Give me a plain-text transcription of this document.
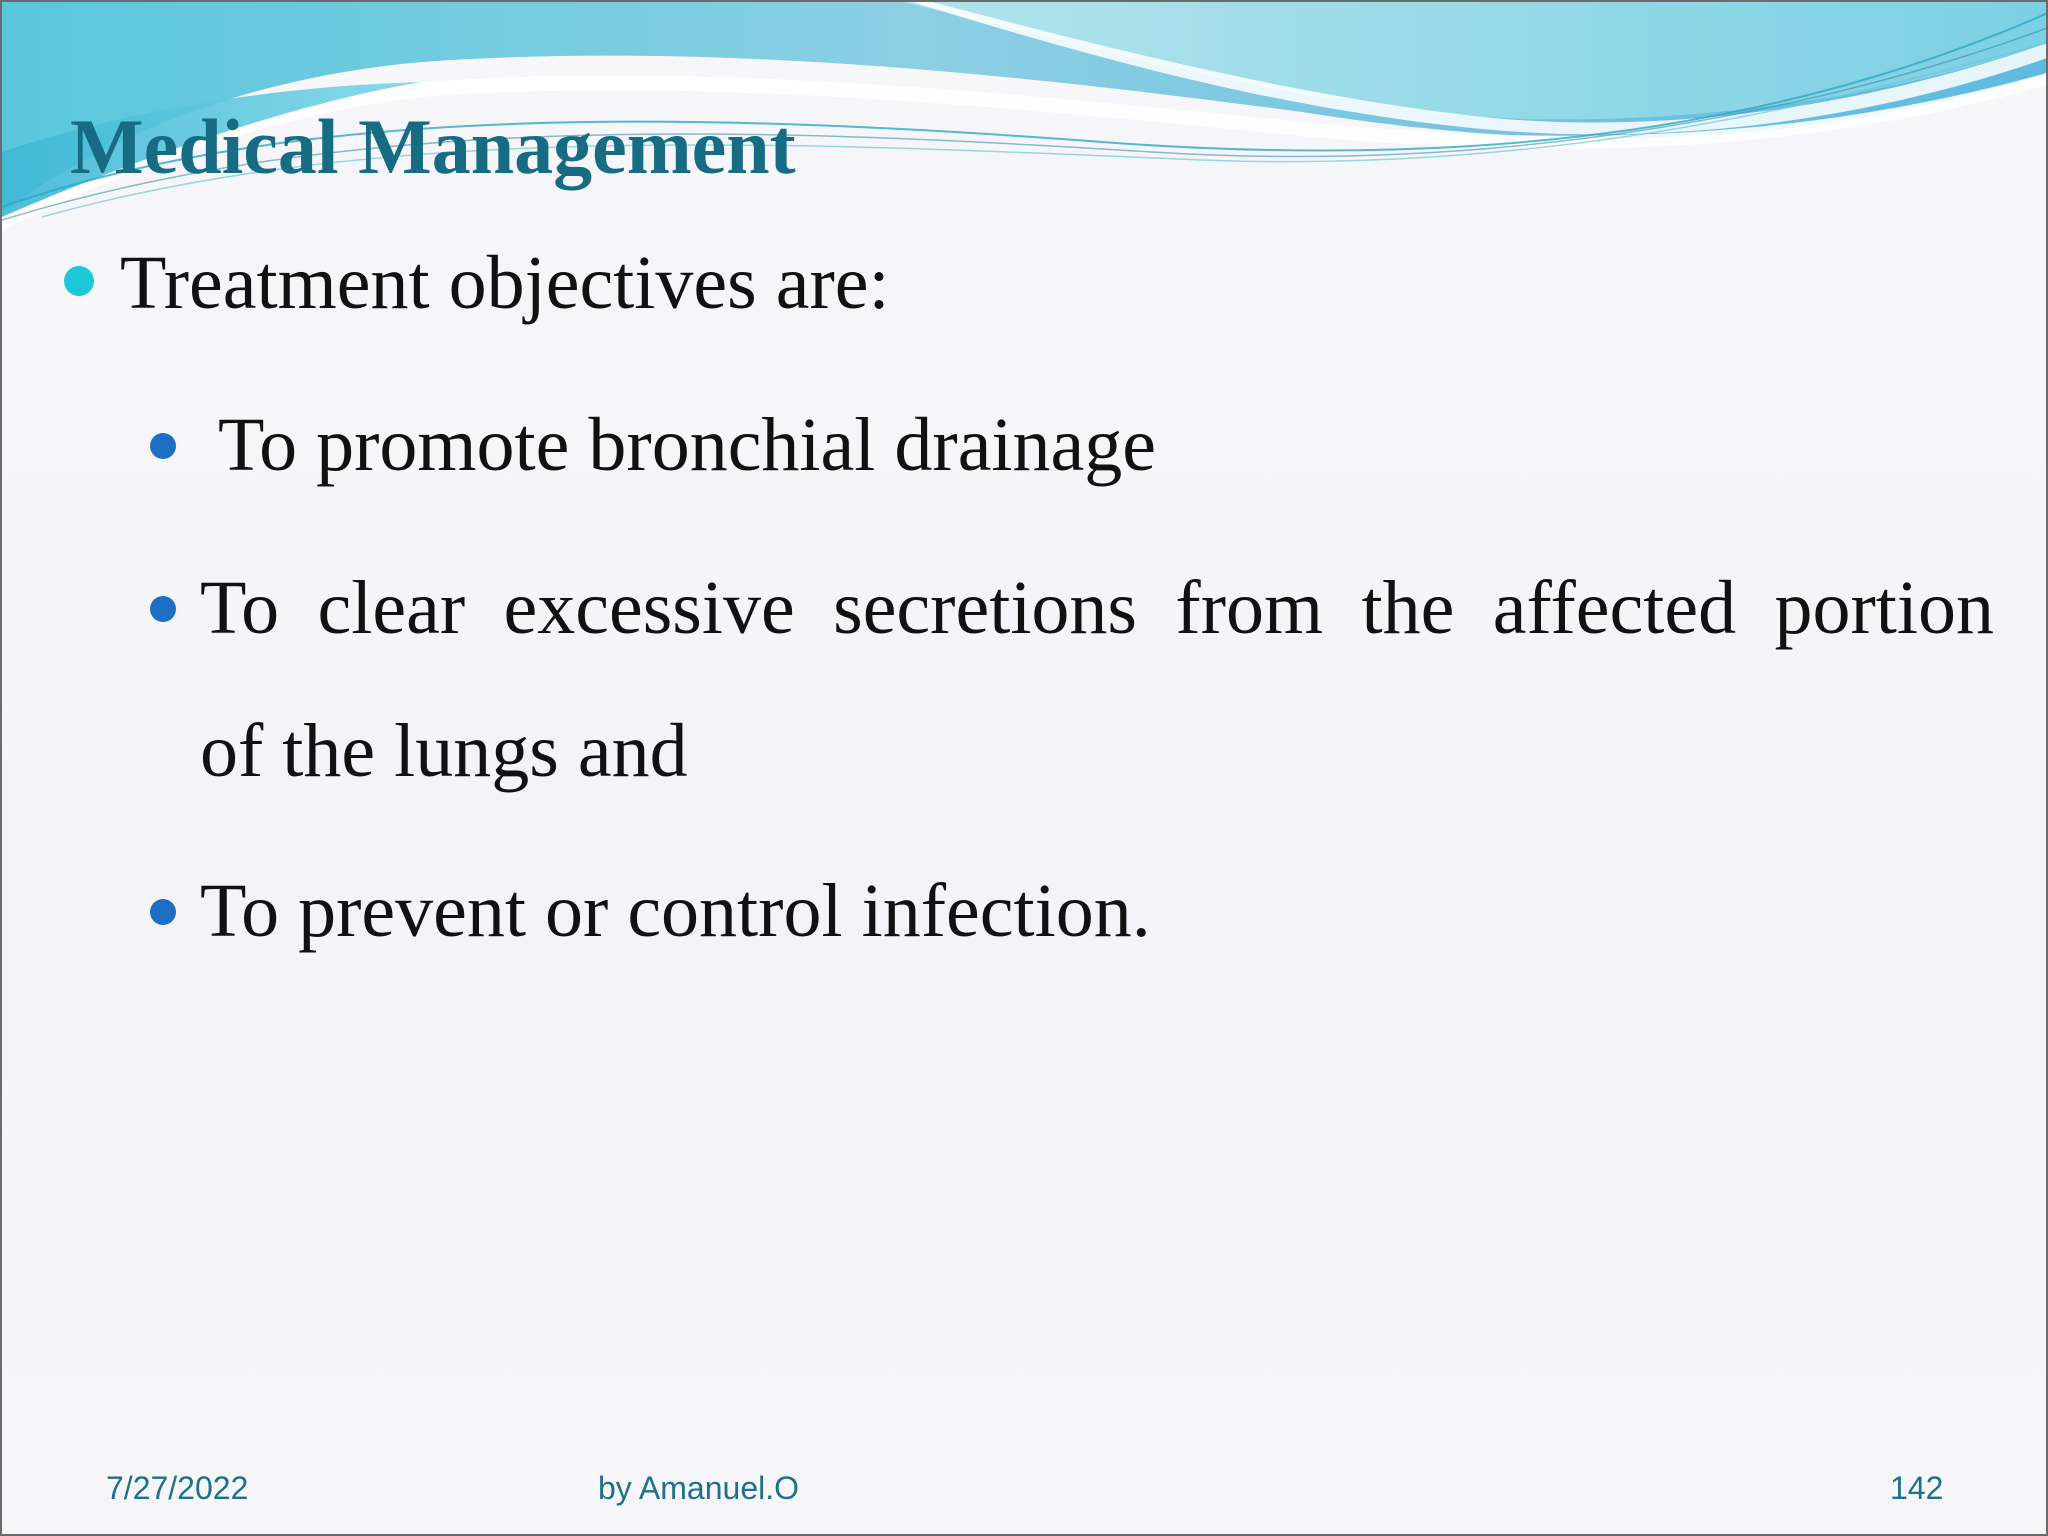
Medical Management

Treatment objectives are:

To promote bronchial drainage

To clear excessive secretions from the affected portion

of the lungs and

To prevent or control infection.

7/27/2022	by Amanuel.O	142
